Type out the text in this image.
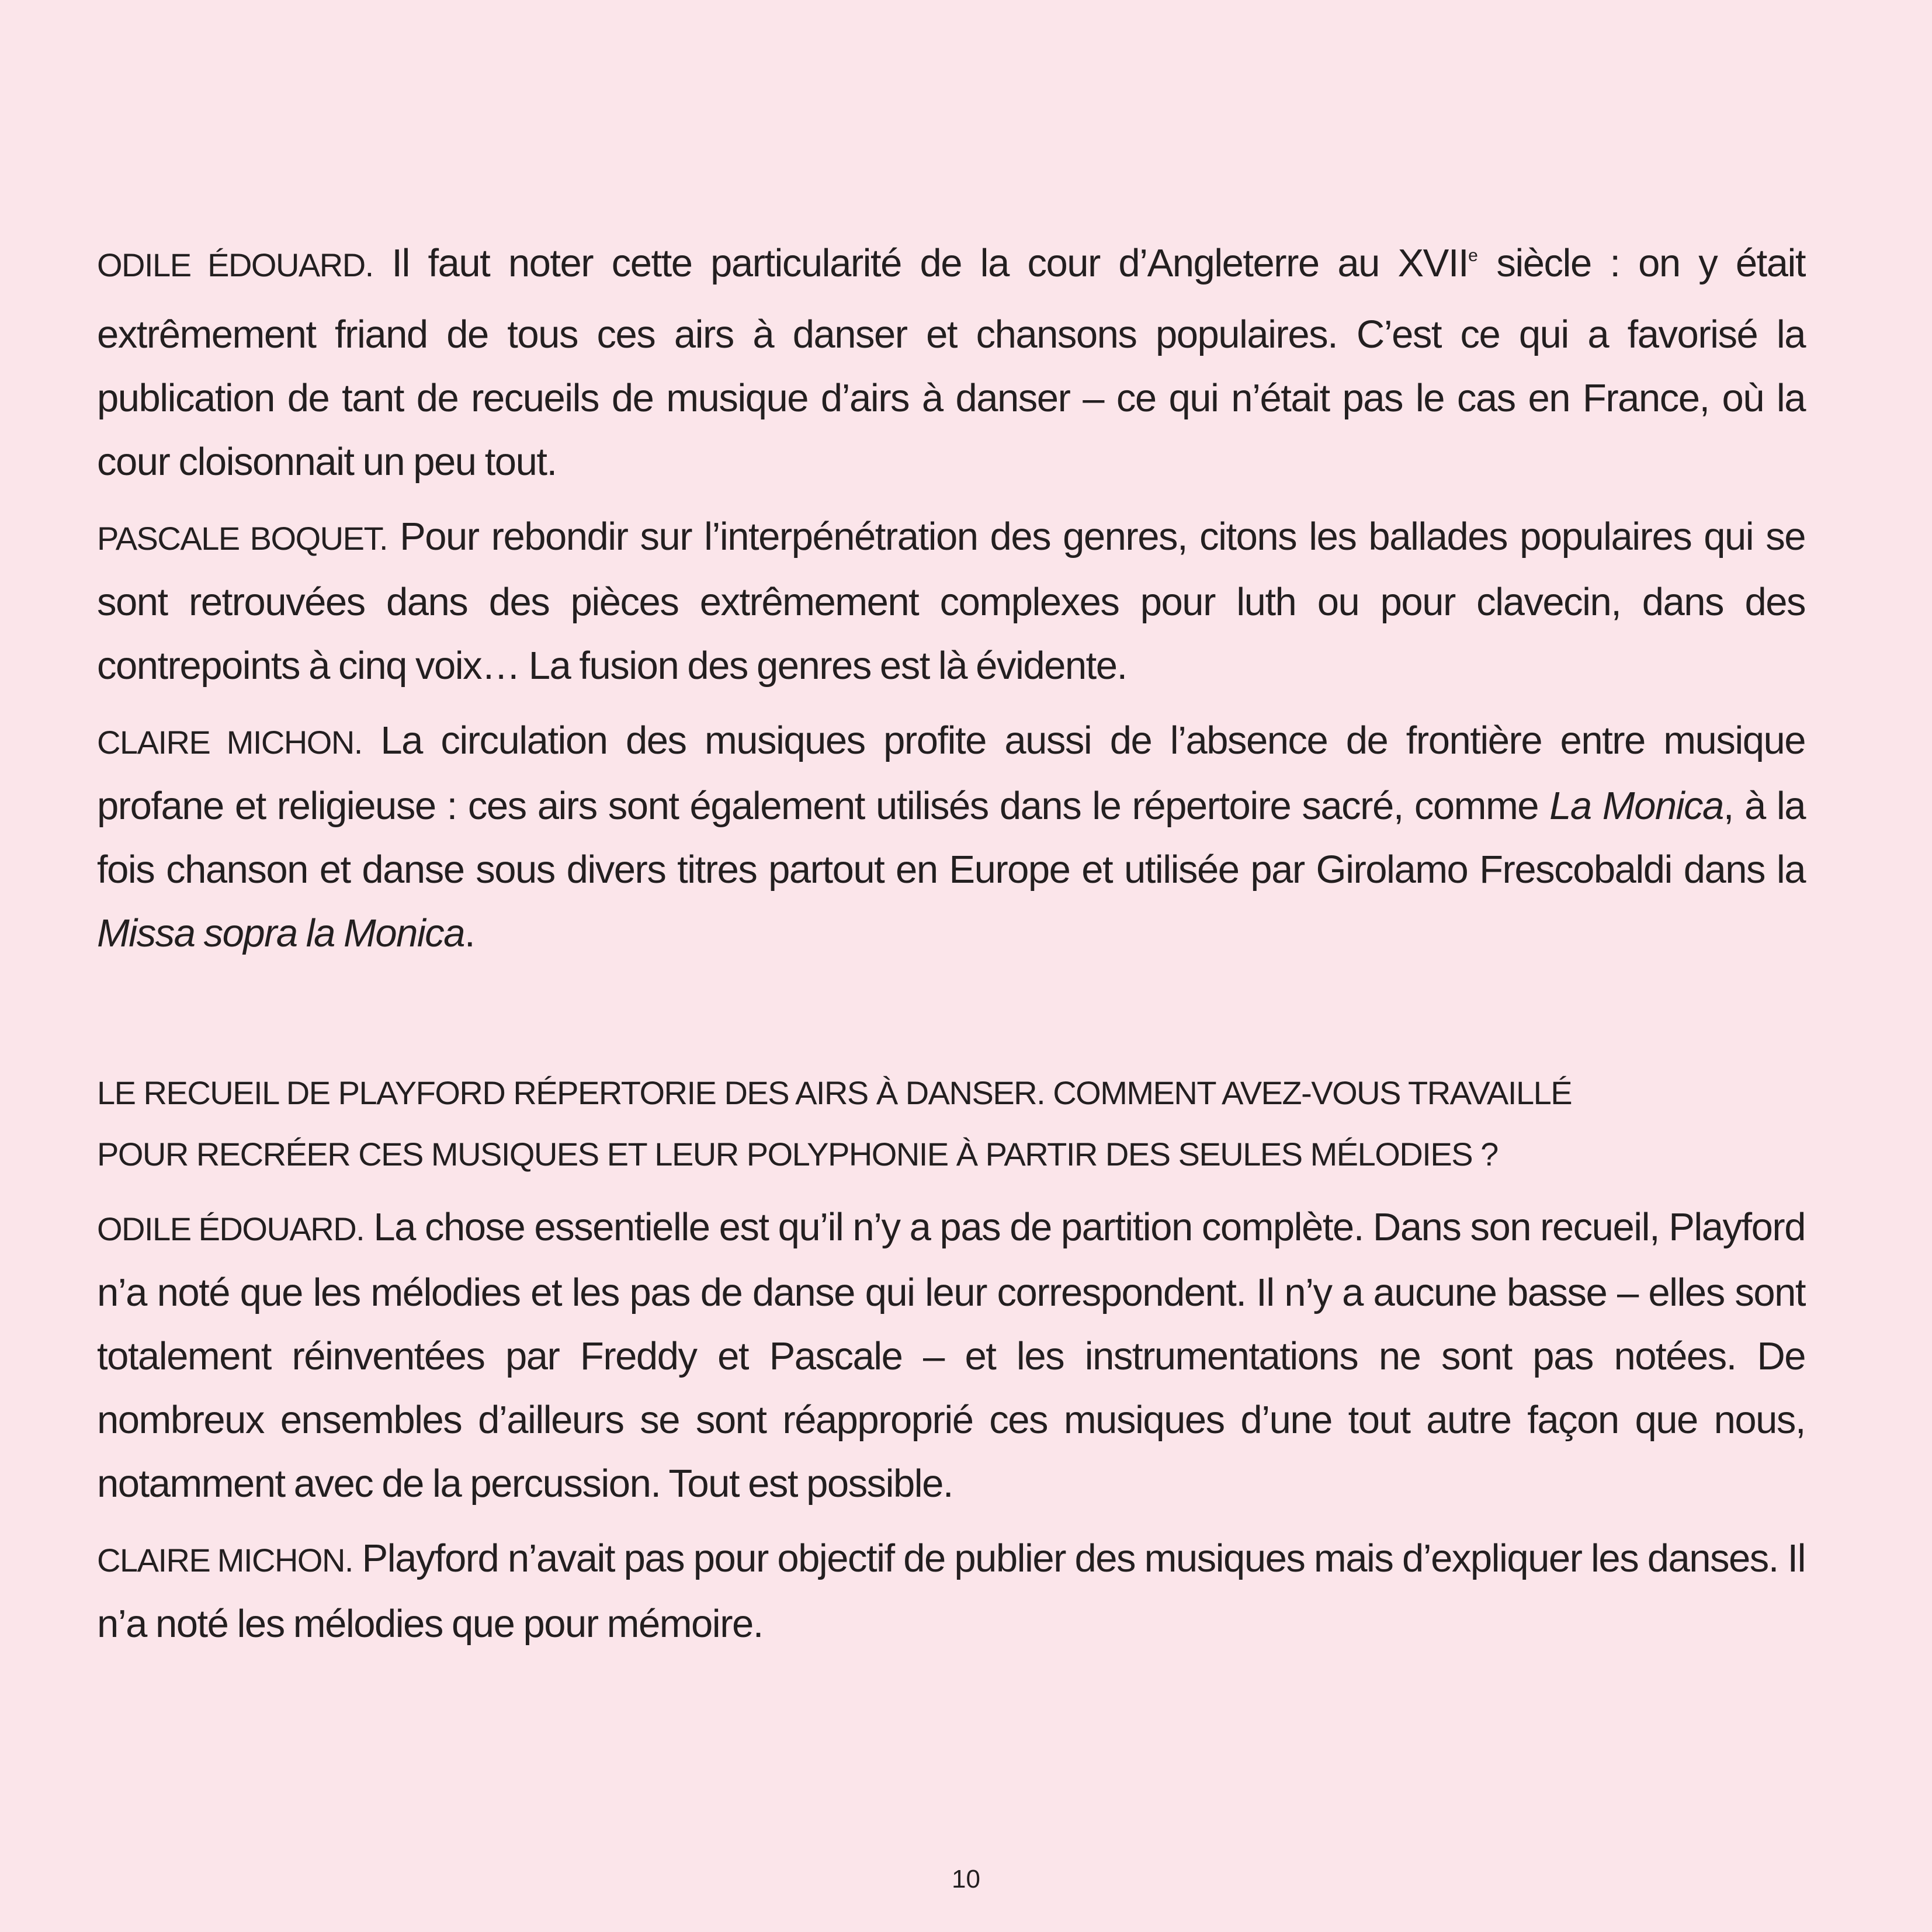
ODILE ÉDOUARD. Il faut noter cette particularité de la cour d’Angleterre au XVIIe siècle : on y était extrêmement friand de tous ces airs à danser et chansons populaires. C’est ce qui a favorisé la publication de tant de recueils de musique d’airs à danser – ce qui n’était pas le cas en France, où la cour cloisonnait un peu tout.

PASCALE BOQUET. Pour rebondir sur l’interpénétration des genres, citons les ballades populaires qui se sont retrouvées dans des pièces extrêmement complexes pour luth ou pour clavecin, dans des contrepoints à cinq voix… La fusion des genres est là évidente.

CLAIRE MICHON. La circulation des musiques profite aussi de l’absence de frontière entre musique profane et religieuse : ces airs sont également utilisés dans le répertoire sacré, comme La Monica, à la fois chanson et danse sous divers titres partout en Europe et utilisée par Girolamo Frescobaldi dans la Missa sopra la Monica.

LE RECUEIL DE PLAYFORD RÉPERTORIE DES AIRS À DANSER. COMMENT AVEZ-VOUS TRAVAILLÉ
POUR RECRÉER CES MUSIQUES ET LEUR POLYPHONIE À PARTIR DES SEULES MÉLODIES ?

ODILE ÉDOUARD. La chose essentielle est qu’il n’y a pas de partition complète. Dans son recueil, Playford n’a noté que les mélodies et les pas de danse qui leur correspondent. Il n’y a aucune basse – elles sont totalement réinventées par Freddy et Pascale – et les instrumentations ne sont pas notées. De nombreux ensembles d’ailleurs se sont réapproprié ces musiques d’une tout autre façon que nous, notamment avec de la percussion. Tout est possible.

CLAIRE MICHON. Playford n’avait pas pour objectif de publier des musiques mais d’expliquer les danses. Il n’a noté les mélodies que pour mémoire.

10
